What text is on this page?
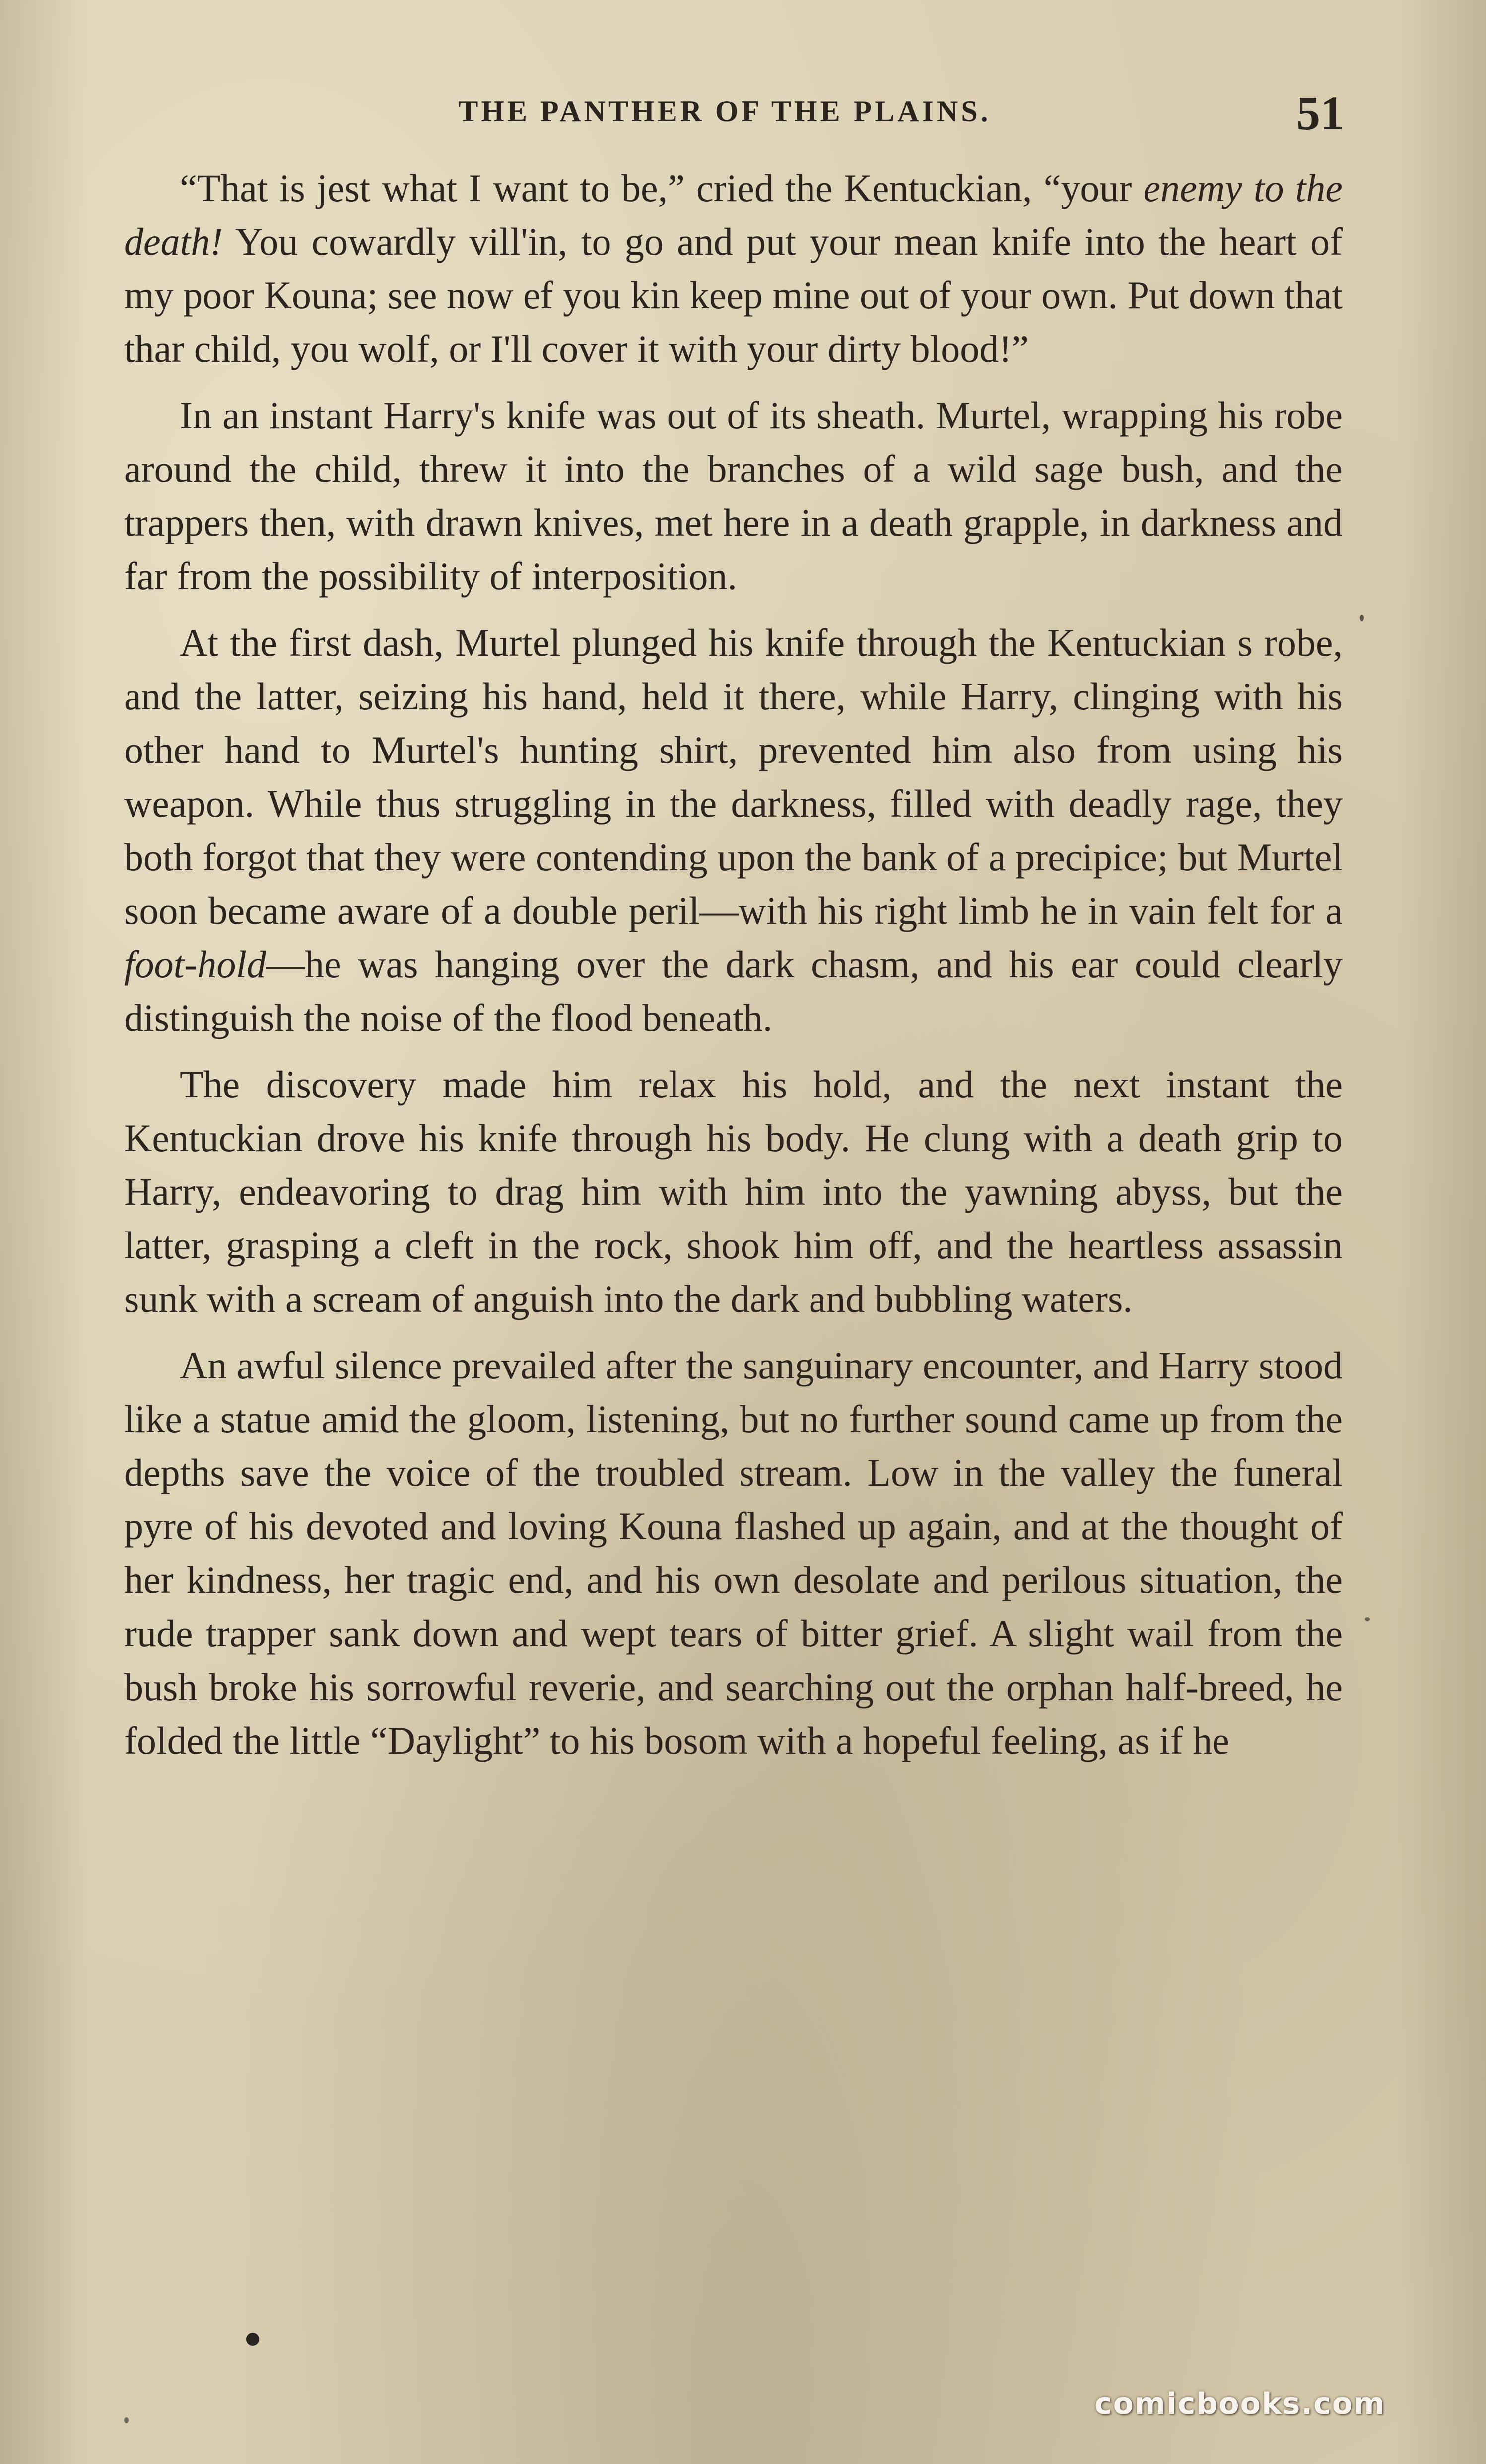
THE PANTHER OF THE PLAINS.	51

“That is jest what I want to be,” cried the Kentuckian, “your enemy to the death! You cowardly vill'in, to go and put your mean knife into the heart of my poor Kouna; see now ef you kin keep mine out of your own. Put down that thar child, you wolf, or I'll cover it with your dirty blood!”

In an instant Harry's knife was out of its sheath. Murtel, wrapping his robe around the child, threw it into the branches of a wild sage bush, and the trappers then, with drawn knives, met here in a death grapple, in darkness and far from the possibility of interposition.

At the first dash, Murtel plunged his knife through the Kentuckian s robe, and the latter, seizing his hand, held it there, while Harry, clinging with his other hand to Murtel's hunting shirt, prevented him also from using his weapon. While thus struggling in the darkness, filled with deadly rage, they both forgot that they were contending upon the bank of a precipice; but Murtel soon became aware of a double peril—with his right limb he in vain felt for a foot-hold—he was hanging over the dark chasm, and his ear could clearly distinguish the noise of the flood beneath.

The discovery made him relax his hold, and the next instant the Kentuckian drove his knife through his body. He clung with a death grip to Harry, endeavoring to drag him with him into the yawning abyss, but the latter, grasping a cleft in the rock, shook him off, and the heartless assassin sunk with a scream of anguish into the dark and bubbling waters.

An awful silence prevailed after the sanguinary encounter, and Harry stood like a statue amid the gloom, listening, but no further sound came up from the depths save the voice of the troubled stream. Low in the valley the funeral pyre of his devoted and loving Kouna flashed up again, and at the thought of her kindness, her tragic end, and his own desolate and perilous situation, the rude trapper sank down and wept tears of bitter grief. A slight wail from the bush broke his sorrowful reverie, and searching out the orphan half-breed, he folded the little “Daylight” to his bosom with a hopeful feeling, as if he

comicbooks.com
